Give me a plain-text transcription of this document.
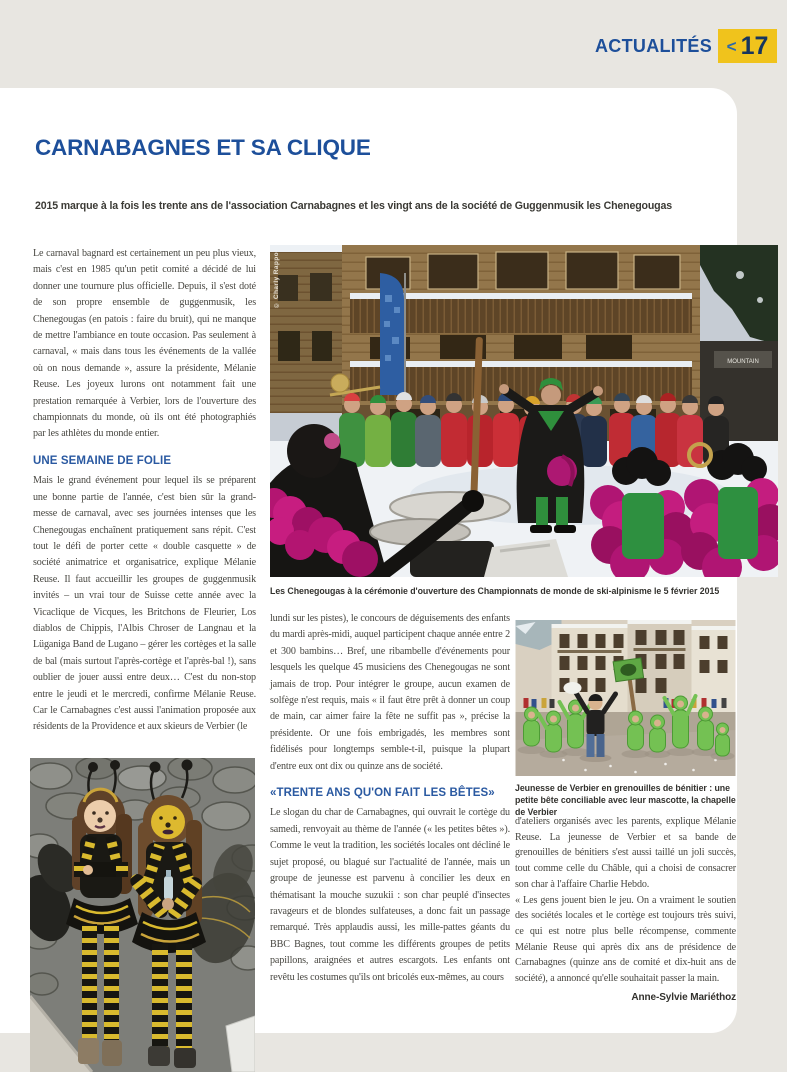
ACTUALITÉS < 17
CARNABAGNES ET SA CLIQUE
2015 marque à la fois les trente ans de l'association Carnabagnes et les vingt ans de la société de Guggenmusik les Chenegougas

Le carnaval bagnard est certainement un peu plus vieux, mais c'est en 1985 qu'un petit comité a décidé de lui donner une tournure plus officielle. Depuis, il s'est doté de son propre ensemble de guggenmusik, les Chenegougas (en patois : faire du bruit), qui ne manque de mettre l'ambiance en toute occasion. Pas seulement à carnaval, « mais dans tous les événements de la vallée où on nous demande », assure la présidente, Mélanie Reuse. Les joyeux lurons ont notamment fait une prestation remarquée à Verbier, lors de l'ouverture des championnats du monde, où ils ont été photographiés par les athlètes du monde entier.

UNE SEMAINE DE FOLIE

Mais le grand événement pour lequel ils se préparent une bonne partie de l'année, c'est bien sûr la grand-messe de carnaval, avec ses journées intenses que les Chenegougas enchaînent pratiquement sans répit. C'est tout le défi de porter cette « double casquette » de société animatrice et organisatrice, explique Mélanie Reuse. Il faut accueillir les groupes de guggenmusik invités – un vrai tour de Suisse cette année avec la Vicaclique de Vicques, les Britchons de Fleurier, Los diablos de Chippis, l'Albis Chroser de Langnau et la Lüganiga Band de Lugano – gérer les cortèges et la salle de bal (mais surtout l'après-cortège et l'après-bal !), sans oublier de jouer aussi entre deux… C'est du non-stop entre le jeudi et le mercredi, confirme Mélanie Reuse. Car le Carnabagnes c'est aussi l'animation proposée aux résidents de la Providence et aux skieurs de Verbier (le

MOUNTAIN
© Charly Rappo
Les Chenegougas à la cérémonie d'ouverture des Championnats de monde de ski-alpinisme le 5 février 2015

lundi sur les pistes), le concours de déguisements des enfants du mardi après-midi, auquel participent chaque année entre 2 et 300 bambins… Bref, une ribambelle d'événements pour lesquels les quelque 45 musiciens des Chenegougas ne sont jamais de trop. Pour intégrer le groupe, aucun examen de solfège n'est requis, mais « il faut être prêt à donner un coup de main, car aimer faire la fête ne suffit pas », précise la présidente. Or une fois embrigadés, les membres sont fidélisés pour longtemps semble-t-il, puisque la plupart d'entre eux ont dix ou quinze ans de société.

«TRENTE ANS QU'ON FAIT LES BÊTES»

Le slogan du char de Carnabagnes, qui ouvrait le cortège du samedi, renvoyait au thème de l'année (« les petites bêtes »). Comme le veut la tradition, les sociétés locales ont décliné le sujet proposé, ou blagué sur l'actualité de l'année, mais un groupe de jeunesse est parvenu à concilier les deux en thématisant la mouche suzukii : son char peuplé d'insectes ravageurs et de blondes sulfateuses, a donc fait un passage remarqué. Très applaudis aussi, les mille-pattes géants du BBC Bagnes, tout comme les différents groupes de petits papillons, araignées et autres escargots. Les enfants ont revêtu les costumes qu'ils ont bricolés eux-mêmes, au cours

Jeunesse de Verbier en grenouilles de bénitier : une petite bête conciliable avec leur mascotte, la chapelle de Verbier

d'ateliers organisés avec les parents, explique Mélanie Reuse. La jeunesse de Verbier et sa bande de grenouilles de bénitiers s'est aussi taillé un joli succès, tout comme celle du Châble, qui a choisi de consacrer son char à l'affaire Charlie Hebdo.

« Les gens jouent bien le jeu. On a vraiment le soutien des sociétés locales et le cortège est toujours très suivi, ce qui est notre plus belle récompense, commente Mélanie Reuse qui après dix ans de présidence de Carnabagnes (quinze ans de comité et dix-huit ans de société), a annoncé qu'elle souhaitait passer la main.

Anne-Sylvie Mariéthoz
